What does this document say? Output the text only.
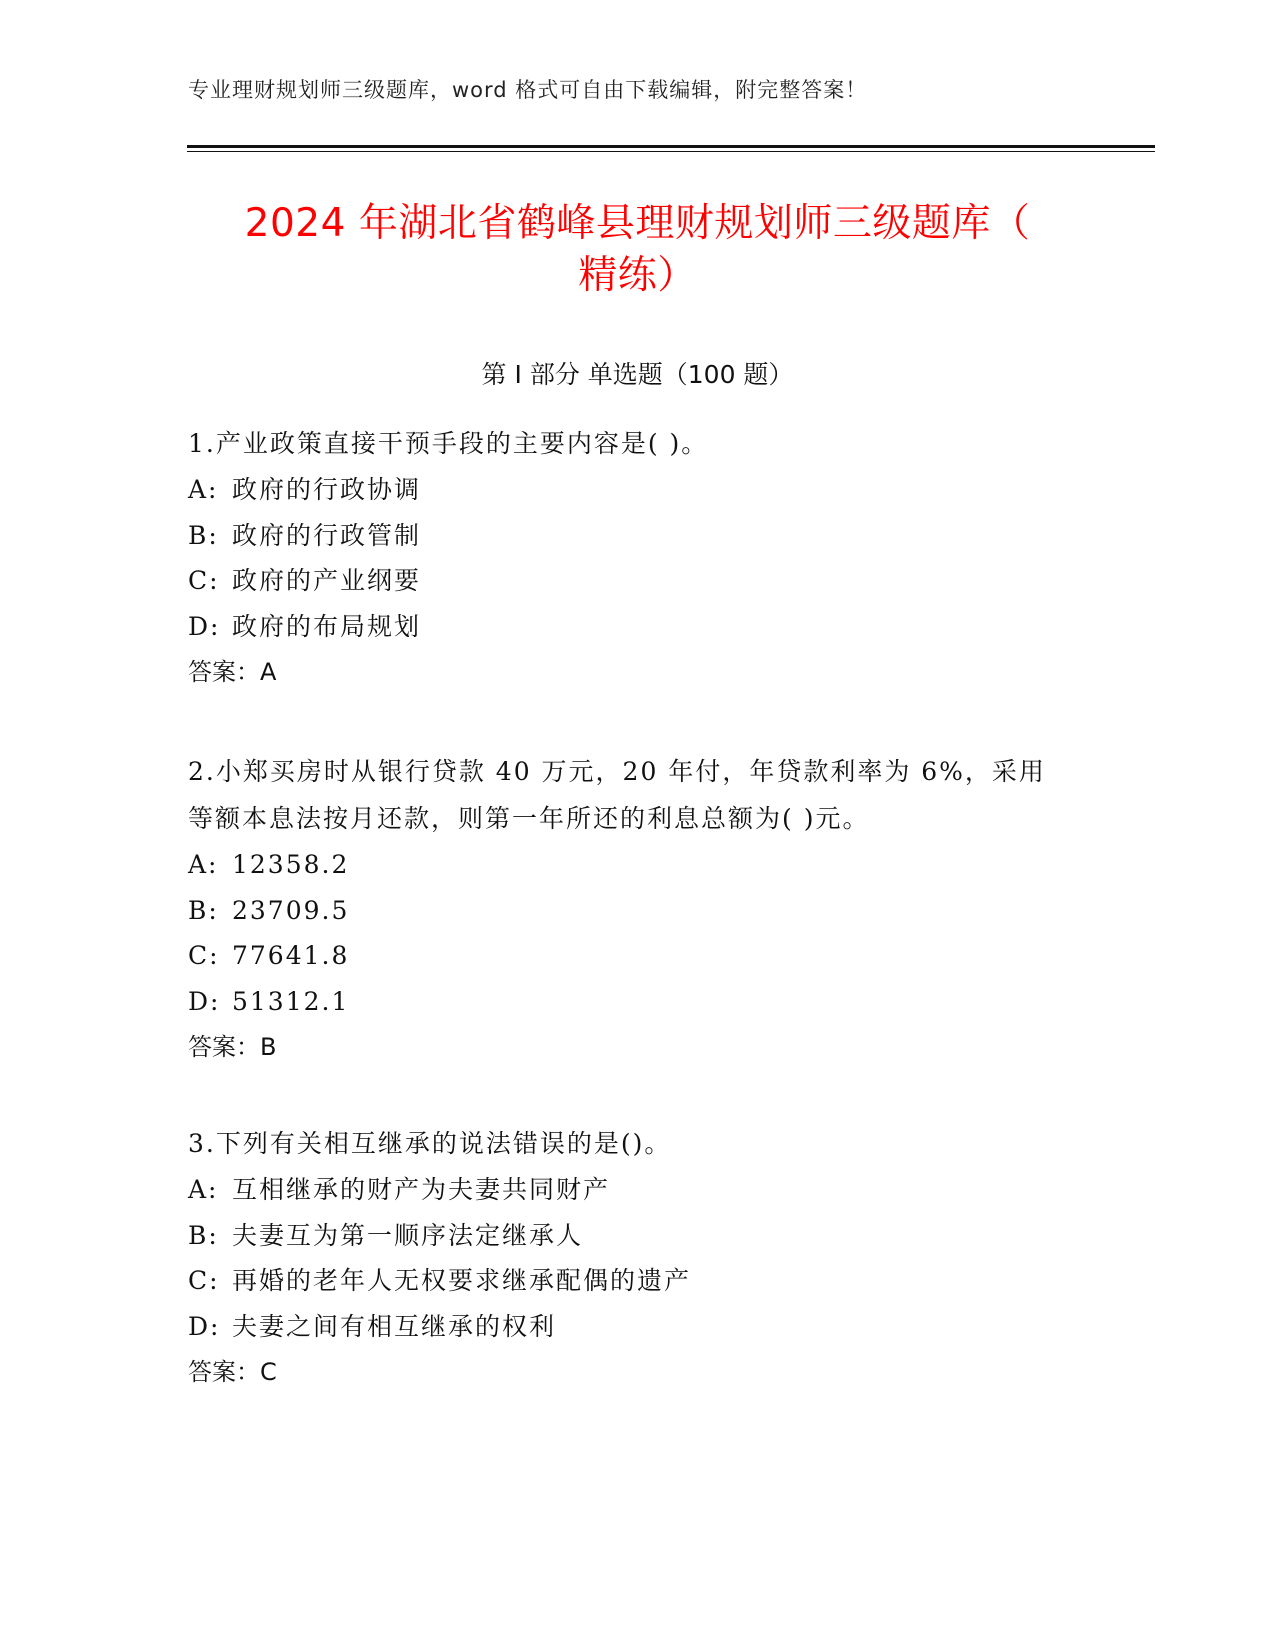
专业理财规划师三级题库，word 格式可自由下载编辑，附完整答案！
2024 年湖北省鹤峰县理财规划师三级题库（
精练）
第 I 部分 单选题（100 题）

1.产业政策直接干预手段的主要内容是( )。

A: 政府的行政协调

B: 政府的行政管制

C: 政府的产业纲要

D: 政府的布局规划

答案：A

2.小郑买房时从银行贷款 40 万元，20 年付，年贷款利率为 6%，采用等额本息法按月还款，则第一年所还的利息总额为( )元。

A: 12358.2

B: 23709.5

C: 77641.8

D: 51312.1

答案：B

3.下列有关相互继承的说法错误的是()。

A: 互相继承的财产为夫妻共同财产

B: 夫妻互为第一顺序法定继承人

C: 再婚的老年人无权要求继承配偶的遗产

D: 夫妻之间有相互继承的权利

答案：C
